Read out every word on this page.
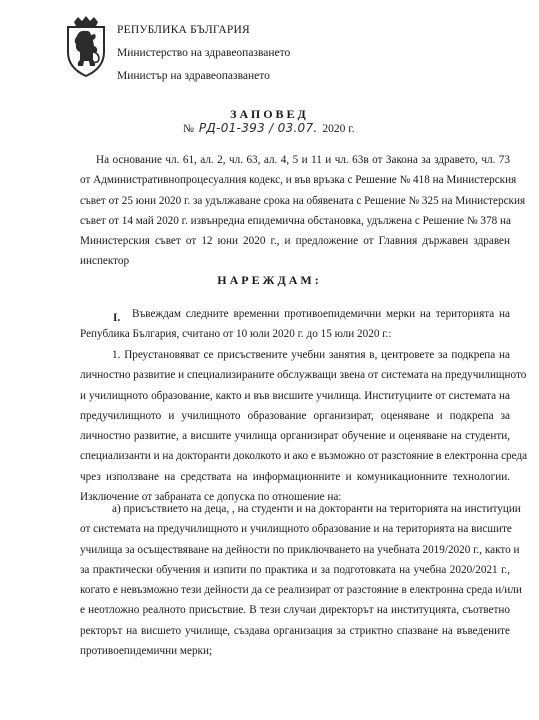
РЕПУБЛИКА БЪЛГАРИЯ
Министерство на здравеопазването
Министър на здравеопазването
ЗАПОВЕД
№ РД-01-393 / 03.07. 2020 г.
На основание чл. 61, ал. 2, чл. 63, ал. 4, 5 и 11 и чл. 63в от Закона за здравето, чл. 73
от Административнопроцесуалния кодекс, и във връзка с Решение № 418 на Министерския
съвет от 25 юни 2020 г. за удължаване срока на обявената с Решение № 325 на Министерския
съвет от 14 май 2020 г. извънредна епидемична обстановка, удължена с Решение № 378 на
Министерския съвет от 12 юни 2020 г., и предложение от Главния държавен здравен
инспектор
НАРЕЖДАМ:
I.	Въвеждам следните временни противоепидемични мерки на територията на
Република България, считано от 10 юли 2020 г. до 15 юли 2020 г.:
1. Преустановяват се присъствените учебни занятия в, центровете за подкрепа на
личностно развитие и специализираните обслужващи звена от системата на предучилищното
и училищното образование, както и във висшите училища. Институциите от системата на
предучилищното и училищното образование организират, оценяване и подкрепа за
личностно развитие, а висшите училища организират обучение и оценяване на студенти,
специализанти и на докторанти доколкото и ако е възможно от разстояние в електронна среда
чрез използване на средствата на информационните и комуникационните технологии.
Изключение от забраната се допуска по отношение на:
а) присъствието на деца, , на студенти и на докторанти на територията на институции
от системата на предучилищното и училищното образование и на територията на висшите
училища за осъществяване на дейности по приключването на учебната 2019/2020 г., както и
за практически обучения и изпити по практика и за подготовката на учебна 2020/2021 г.,
когато е невъзможно тези дейности да се реализират от разстояние в електронна среда и/или
е неотложно реалното присъствие. В тези случаи директорът на институцията, съответно
ректорът на висшето училище, създава организация за стриктно спазване на въведените
противоепидемични мерки;
